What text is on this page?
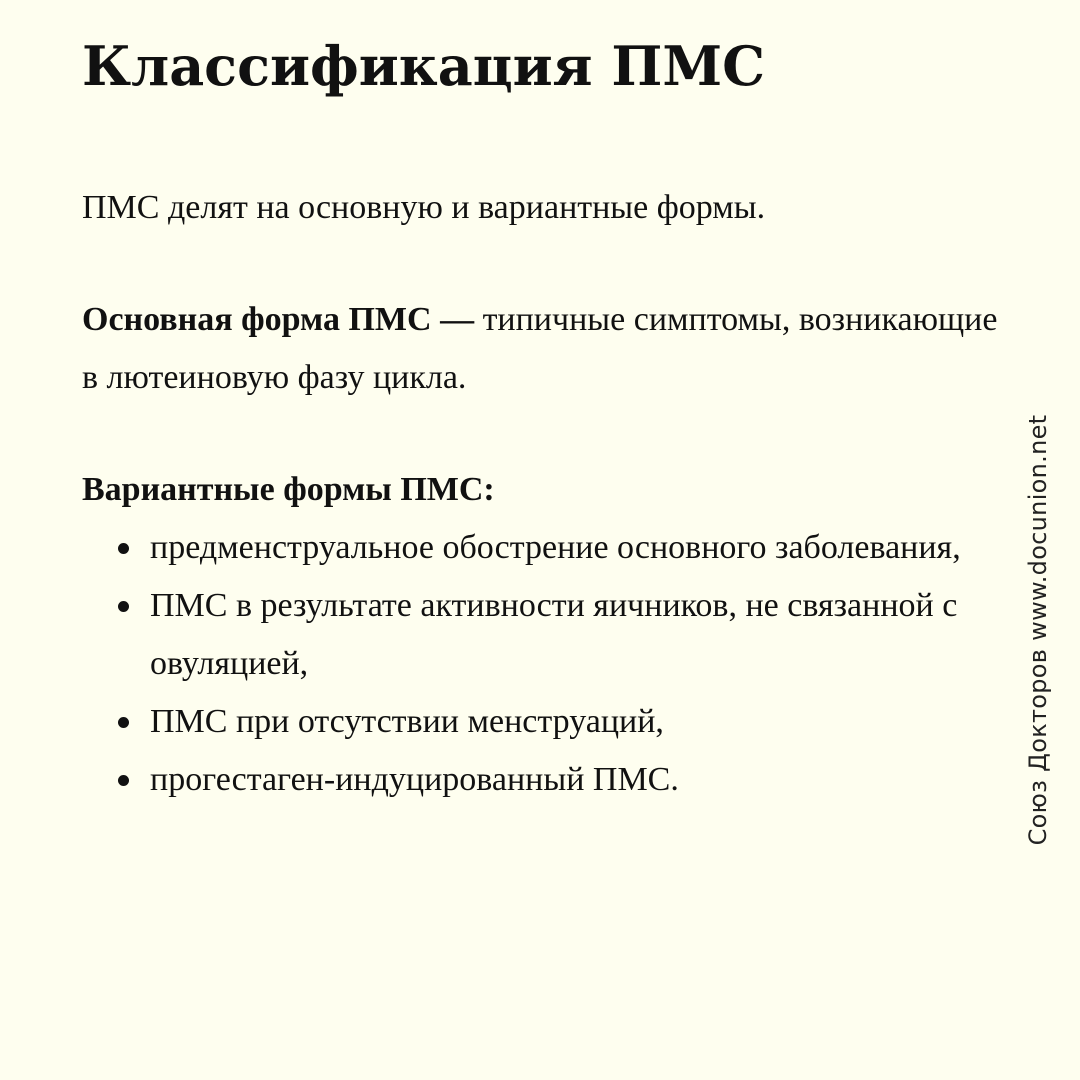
Классификация ПМС

ПМС делят на основную и вариантные формы.

Основная форма ПМС — типичные симптомы, возникающие в лютеиновую фазу цикла.

Вариантные формы ПМС:

предменструальное обострение основного заболевания,
ПМС в результате активности яичников, не связанной с овуляцией,
ПМС при отсутствии менструаций,
прогестаген-индуцированный ПМС.	Союз Докторов www.docunion.net
